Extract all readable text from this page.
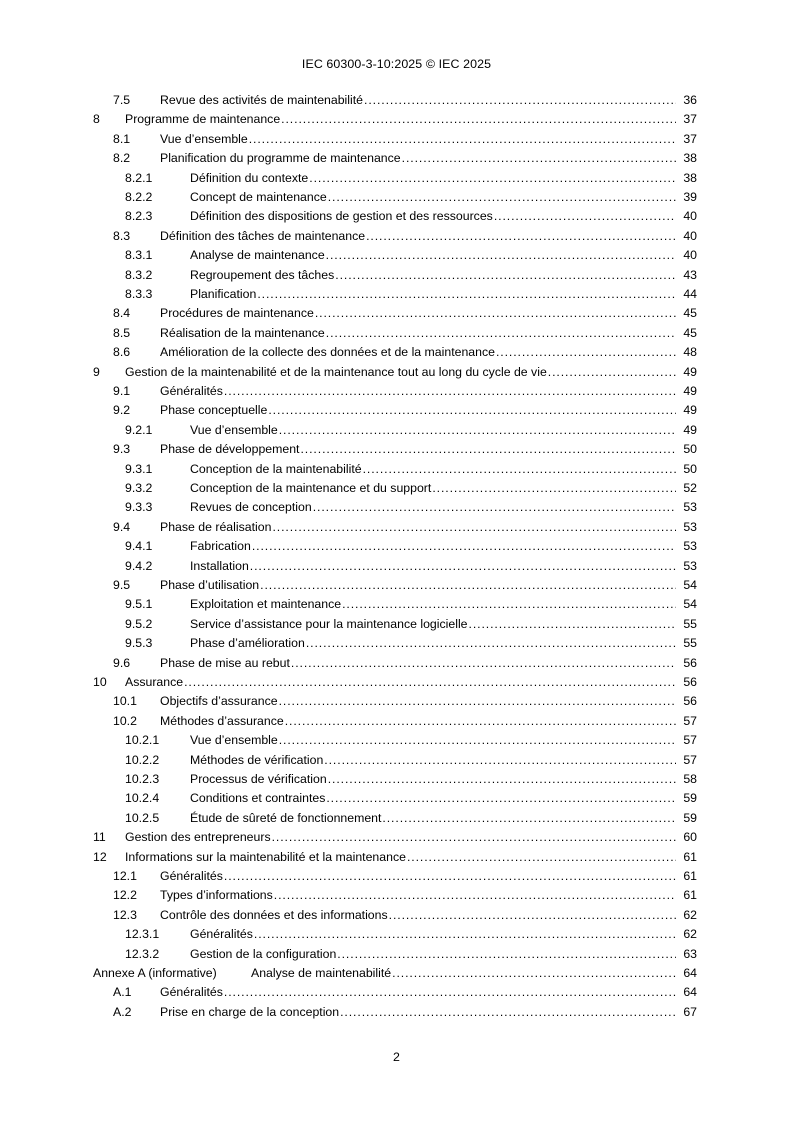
IEC 60300-3-10:2025 © IEC 2025
7.5 Revue des activités de maintenabilité .....	36
8 Programme de maintenance .....	37
8.1 Vue d’ensemble .....	37
8.2 Planification du programme de maintenance .....	38
8.2.1	Définition du contexte .....	38
8.2.2	Concept de maintenance .....	39
8.2.3	Définition des dispositions de gestion et des ressources .....	40
8.3 Définition des tâches de maintenance .....	40
8.3.1	Analyse de maintenance .....	40
8.3.2	Regroupement des tâches .....	43
8.3.3	Planification .....	44
8.4 Procédures de maintenance .....	45
8.5 Réalisation de la maintenance .....	45
8.6 Amélioration de la collecte des données et de la maintenance .....	48
9 Gestion de la maintenabilité et de la maintenance tout au long du cycle de vie .....	49
9.1 Généralités .....	49
9.2 Phase conceptuelle .....	49
9.2.1	Vue d’ensemble .....	49
9.3 Phase de développement .....	50
9.3.1	Conception de la maintenabilité .....	50
9.3.2	Conception de la maintenance et du support .....	52
9.3.3	Revues de conception .....	53
9.4 Phase de réalisation .....	53
9.4.1	Fabrication .....	53
9.4.2	Installation .....	53
9.5 Phase d’utilisation .....	54
9.5.1	Exploitation et maintenance .....	54
9.5.2	Service d’assistance pour la maintenance logicielle .....	55
9.5.3	Phase d’amélioration .....	55
9.6 Phase de mise au rebut .....	56
10 Assurance .....	56
10.1 Objectifs d’assurance .....	56
10.2 Méthodes d’assurance .....	57
10.2.1	Vue d’ensemble .....	57
10.2.2	Méthodes de vérification .....	57
10.2.3	Processus de vérification .....	58
10.2.4	Conditions et contraintes .....	59
10.2.5	Étude de sûreté de fonctionnement .....	59
11 Gestion des entrepreneurs .....	60
12 Informations sur la maintenabilité et la maintenance .....	61
12.1 Généralités .....	61
12.2 Types d’informations .....	61
12.3 Contrôle des données et des informations .....	62
12.3.1	Généralités .....	62
12.3.2	Gestion de la configuration .....	63
Annexe A (informative)	Analyse de maintenabilité .....	64
A.1 Généralités .....	64
A.2 Prise en charge de la conception .....	67
2
